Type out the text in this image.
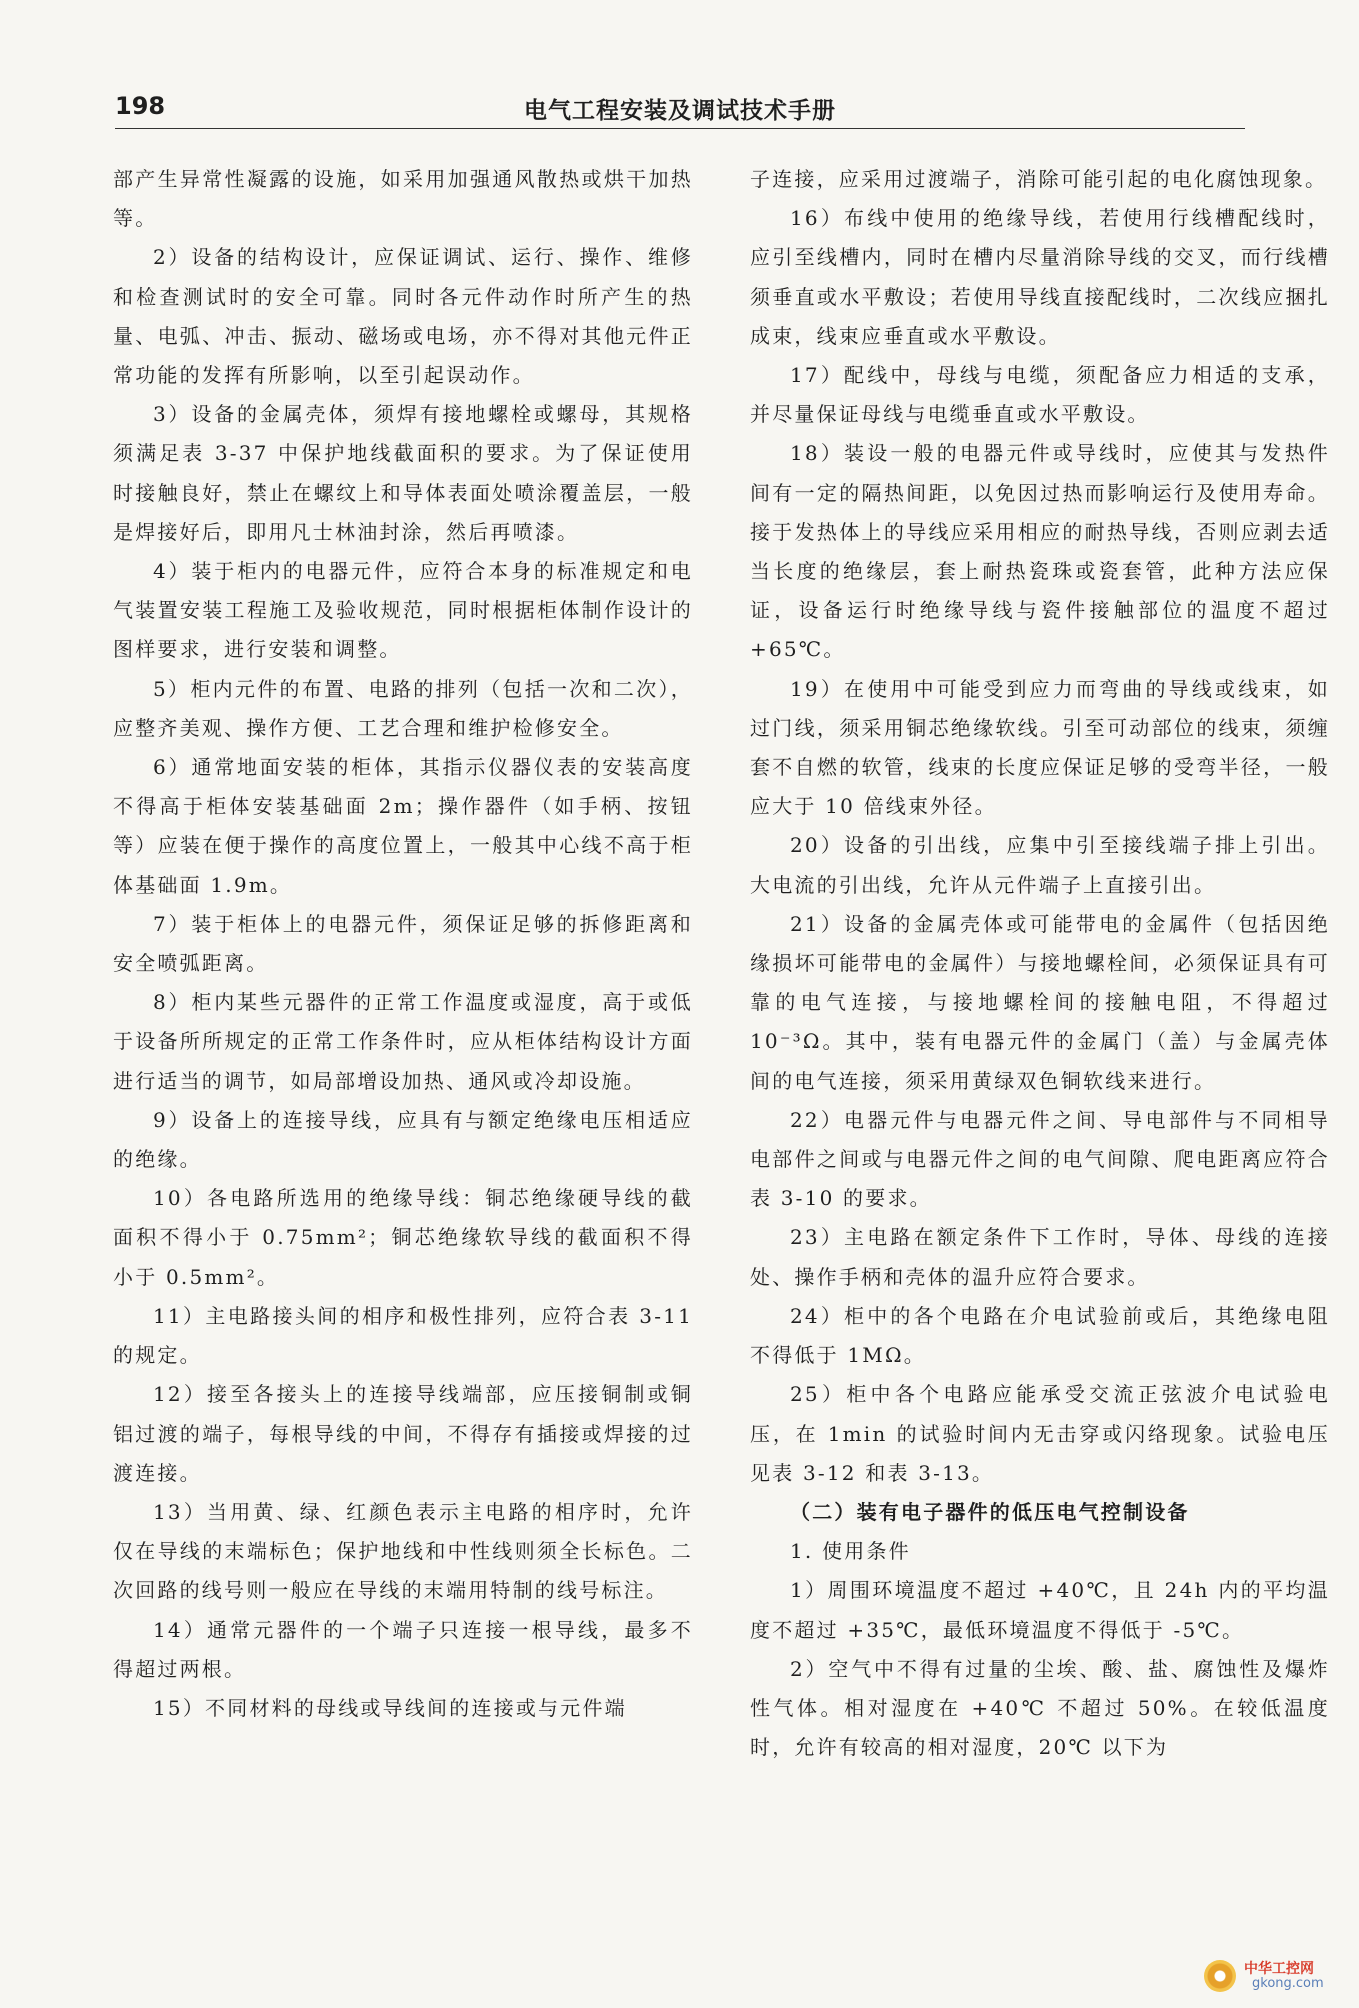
198	电气工程安装及调试技术手册

部产生异常性凝露的设施，如采用加强通风散热或烘干加热等。

2）设备的结构设计，应保证调试、运行、操作、维修和检查测试时的安全可靠。同时各元件动作时所产生的热量、电弧、冲击、振动、磁场或电场，亦不得对其他元件正常功能的发挥有所影响，以至引起误动作。

3）设备的金属壳体，须焊有接地螺栓或螺母，其规格须满足表 3-37 中保护地线截面积的要求。为了保证使用时接触良好，禁止在螺纹上和导体表面处喷涂覆盖层，一般是焊接好后，即用凡士林油封涂，然后再喷漆。

4）装于柜内的电器元件，应符合本身的标准规定和电气装置安装工程施工及验收规范，同时根据柜体制作设计的图样要求，进行安装和调整。

5）柜内元件的布置、电路的排列（包括一次和二次），应整齐美观、操作方便、工艺合理和维护检修安全。

6）通常地面安装的柜体，其指示仪器仪表的安装高度不得高于柜体安装基础面 2m；操作器件（如手柄、按钮等）应装在便于操作的高度位置上，一般其中心线不高于柜体基础面 1.9m。

7）装于柜体上的电器元件，须保证足够的拆修距离和安全喷弧距离。

8）柜内某些元器件的正常工作温度或湿度，高于或低于设备所所规定的正常工作条件时，应从柜体结构设计方面进行适当的调节，如局部增设加热、通风或冷却设施。

9）设备上的连接导线，应具有与额定绝缘电压相适应的绝缘。

10）各电路所选用的绝缘导线：铜芯绝缘硬导线的截面积不得小于 0.75mm²；铜芯绝缘软导线的截面积不得小于 0.5mm²。

11）主电路接头间的相序和极性排列，应符合表 3-11 的规定。

12）接至各接头上的连接导线端部，应压接铜制或铜铝过渡的端子，每根导线的中间，不得存有插接或焊接的过渡连接。

13）当用黄、绿、红颜色表示主电路的相序时，允许仅在导线的末端标色；保护地线和中性线则须全长标色。二次回路的线号则一般应在导线的末端用特制的线号标注。

14）通常元器件的一个端子只连接一根导线，最多不得超过两根。

15）不同材料的母线或导线间的连接或与元件端

子连接，应采用过渡端子，消除可能引起的电化腐蚀现象。

16）布线中使用的绝缘导线，若使用行线槽配线时，应引至线槽内，同时在槽内尽量消除导线的交叉，而行线槽须垂直或水平敷设；若使用导线直接配线时，二次线应捆扎成束，线束应垂直或水平敷设。

17）配线中，母线与电缆，须配备应力相适的支承，并尽量保证母线与电缆垂直或水平敷设。

18）装设一般的电器元件或导线时，应使其与发热件间有一定的隔热间距，以免因过热而影响运行及使用寿命。接于发热体上的导线应采用相应的耐热导线，否则应剥去适当长度的绝缘层，套上耐热瓷珠或瓷套管，此种方法应保证，设备运行时绝缘导线与瓷件接触部位的温度不超过 +65℃。

19）在使用中可能受到应力而弯曲的导线或线束，如过门线，须采用铜芯绝缘软线。引至可动部位的线束，须缠套不自燃的软管，线束的长度应保证足够的受弯半径，一般应大于 10 倍线束外径。

20）设备的引出线，应集中引至接线端子排上引出。大电流的引出线，允许从元件端子上直接引出。

21）设备的金属壳体或可能带电的金属件（包括因绝缘损坏可能带电的金属件）与接地螺栓间，必须保证具有可靠的电气连接，与接地螺栓间的接触电阻，不得超过 10⁻³Ω。其中，装有电器元件的金属门（盖）与金属壳体间的电气连接，须采用黄绿双色铜软线来进行。

22）电器元件与电器元件之间、导电部件与不同相导电部件之间或与电器元件之间的电气间隙、爬电距离应符合表 3-10 的要求。

23）主电路在额定条件下工作时，导体、母线的连接处、操作手柄和壳体的温升应符合要求。

24）柜中的各个电路在介电试验前或后，其绝缘电阻不得低于 1MΩ。

25）柜中各个电路应能承受交流正弦波介电试验电压，在 1min 的试验时间内无击穿或闪络现象。试验电压见表 3-12 和表 3-13。

（二）装有电子器件的低压电气控制设备

1. 使用条件

1）周围环境温度不超过 +40℃，且 24h 内的平均温度不超过 +35℃，最低环境温度不得低于 -5℃。

2）空气中不得有过量的尘埃、酸、盐、腐蚀性及爆炸性气体。相对湿度在 +40℃ 不超过 50%。在较低温度时，允许有较高的相对湿度，20℃ 以下为

中华工控网
gkong.com
